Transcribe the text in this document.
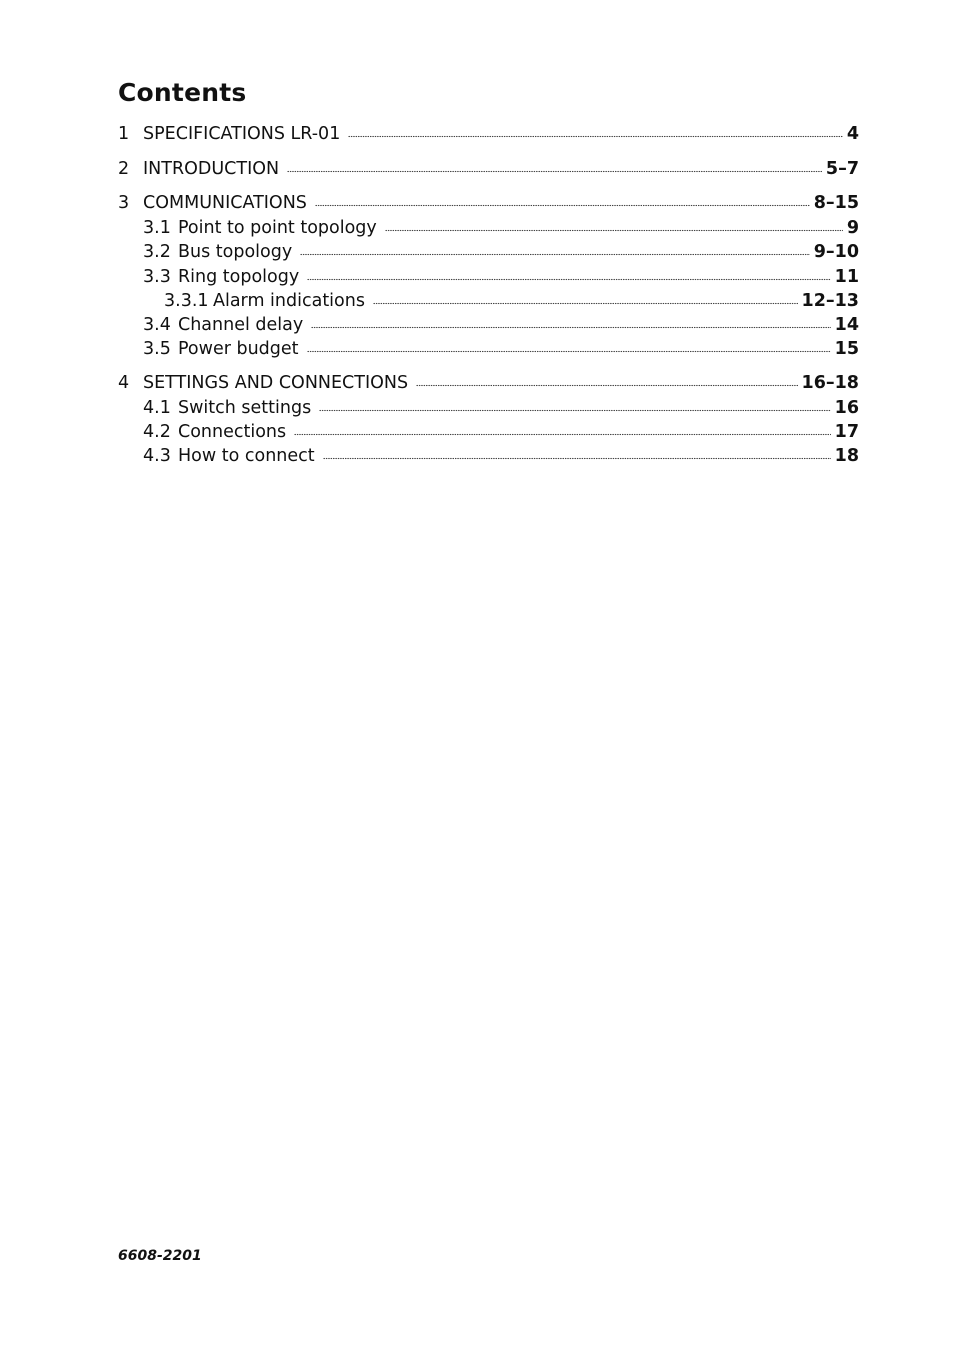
Contents
1 SPECIFICATIONS LR-01	4
2 INTRODUCTION	5–7
3 COMMUNICATIONS	8–15
3.1 Point to point topology	9
3.2 Bus topology	9–10
3.3 Ring topology	11
3.3.1 Alarm indications	12–13
3.4 Channel delay	14
3.5 Power budget	15
4 SETTINGS AND CONNECTIONS	16–18
4.1 Switch settings	16
4.2 Connections	17
4.3 How to connect	18
6608-2201
